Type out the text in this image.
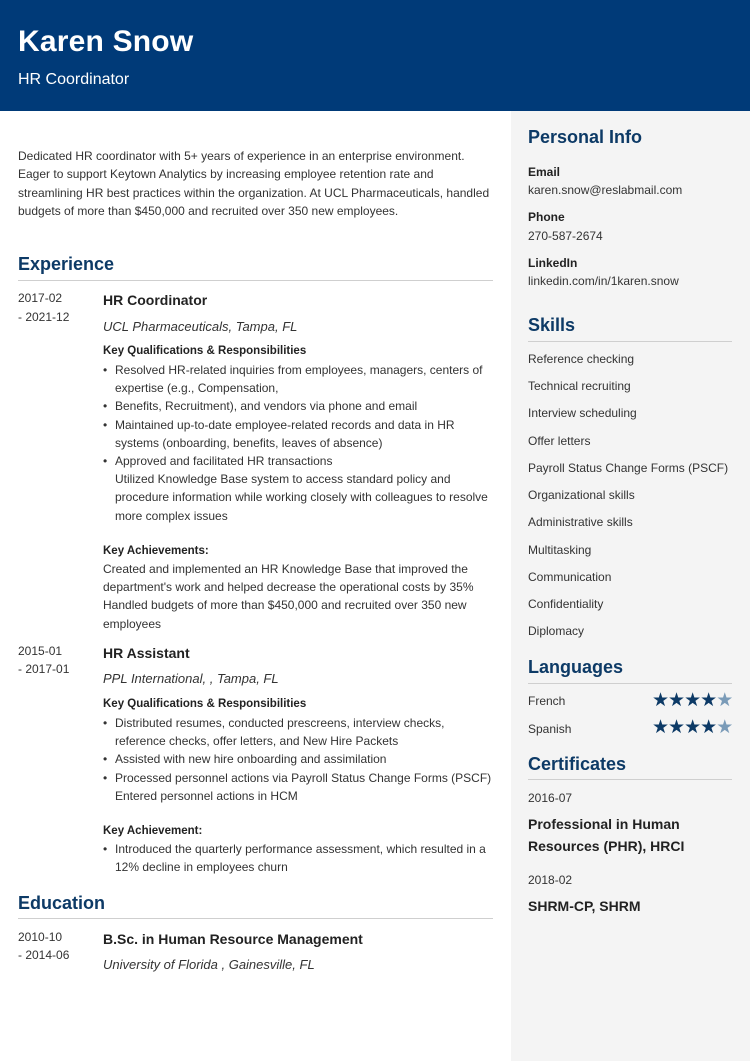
Karen Snow
HR Coordinator
Dedicated HR coordinator with 5+ years of experience in an enterprise environment. Eager to support Keytown Analytics by increasing employee retention rate and streamlining HR best practices within the organization. At UCL Pharmaceuticals, handled budgets of more than $450,000 and recruited over 350 new employees.
Experience
2017-02
- 2021-12
HR Coordinator
UCL Pharmaceuticals, Tampa, FL
Key Qualifications & Responsibilities
• Resolved HR-related inquiries from employees, managers, centers of expertise (e.g., Compensation,
• Benefits, Recruitment), and vendors via phone and email
• Maintained up-to-date employee-related records and data in HR systems (onboarding, benefits, leaves of absence)
• Approved and facilitated HR transactions
Utilized Knowledge Base system to access standard policy and procedure information while working closely with colleagues to resolve more complex issues
Key Achievements:
Created and implemented an HR Knowledge Base that improved the department's work and helped decrease the operational costs by 35% Handled budgets of more than $450,000 and recruited over 350 new employees
2015-01
- 2017-01
HR Assistant
PPL International, , Tampa, FL
Key Qualifications & Responsibilities
• Distributed resumes, conducted prescreens, interview checks, reference checks, offer letters, and New Hire Packets
• Assisted with new hire onboarding and assimilation
• Processed personnel actions via Payroll Status Change Forms (PSCF)
Entered personnel actions in HCM
Key Achievement:
• Introduced the quarterly performance assessment, which resulted in a 12% decline in employees churn
Education
2010-10
- 2014-06
B.Sc. in Human Resource Management
University of Florida , Gainesville, FL
Personal Info
Email
karen.snow@reslabmail.com
Phone
270-587-2674
LinkedIn
linkedin.com/in/1karen.snow
Skills
Reference checking
Technical recruiting
Interview scheduling
Offer letters
Payroll Status Change Forms (PSCF)
Organizational skills
Administrative skills
Multitasking
Communication
Confidentiality
Diplomacy
Languages
French	★★★★★
Spanish	★★★★★
Certificates
2016-07
Professional in Human Resources (PHR), HRCI
2018-02
SHRM-CP, SHRM
